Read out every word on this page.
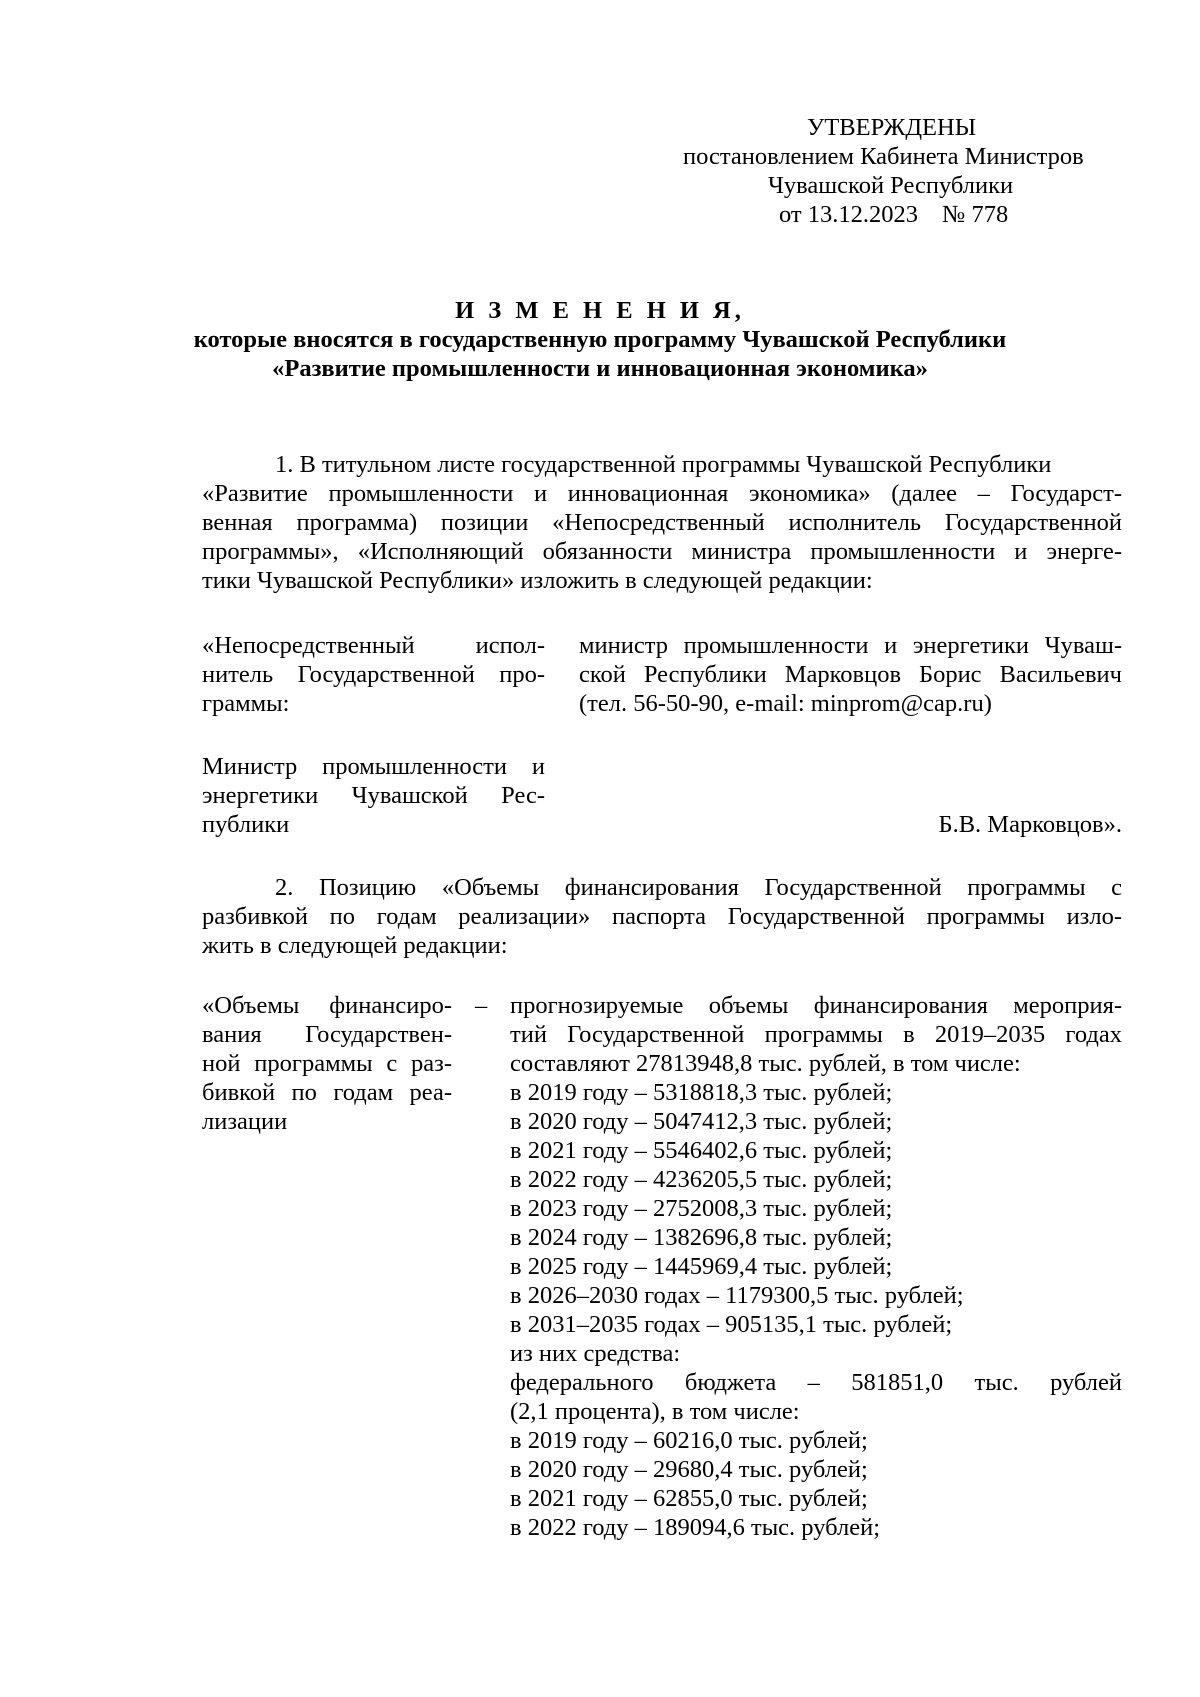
УТВЕРЖДЕНЫ
постановлением Кабинета Министров
Чувашской Республики
от 13.12.2023 № 778
И З М Е Н Е Н И Я,
которые вносятся в государственную программу Чувашской Республики
«Развитие промышленности и инновационная экономика»
1. В титульном листе государственной программы Чувашской Республики
«Развитие промышленности и инновационная экономика» (далее – Государст-
венная программа) позиции «Непосредственный исполнитель Государственной
программы», «Исполняющий обязанности министра промышленности и энерге-
тики Чувашской Республики» изложить в следующей редакции:
«Непосредственный испол-
нитель Государственной про-
граммы:
министр промышленности и энергетики Чуваш-
ской Республики Марковцов Борис Васильевич
(тел. 56-50-90, e-mail: minprom@cap.ru)
Министр промышленности и
энергетики Чувашской Рес-
публики	Б.В. Марковцов».
2. Позицию «Объемы финансирования Государственной программы с
разбивкой по годам реализации» паспорта Государственной программы изло-
жить в следующей редакции:
«Объемы финансиро-
вания Государствен-
ной программы с раз-
бивкой по годам реа-
лизации
– прогнозируемые объемы финансирования мероприя-
тий Государственной программы в 2019–2035 годах
составляют 27813948,8 тыс. рублей, в том числе:
в 2019 году – 5318818,3 тыс. рублей;
в 2020 году – 5047412,3 тыс. рублей;
в 2021 году – 5546402,6 тыс. рублей;
в 2022 году – 4236205,5 тыс. рублей;
в 2023 году – 2752008,3 тыс. рублей;
в 2024 году – 1382696,8 тыс. рублей;
в 2025 году – 1445969,4 тыс. рублей;
в 2026–2030 годах – 1179300,5 тыс. рублей;
в 2031–2035 годах – 905135,1 тыс. рублей;
из них средства:
федерального бюджета – 581851,0 тыс. рублей
(2,1 процента), в том числе:
в 2019 году – 60216,0 тыс. рублей;
в 2020 году – 29680,4 тыс. рублей;
в 2021 году – 62855,0 тыс. рублей;
в 2022 году – 189094,6 тыс. рублей;
